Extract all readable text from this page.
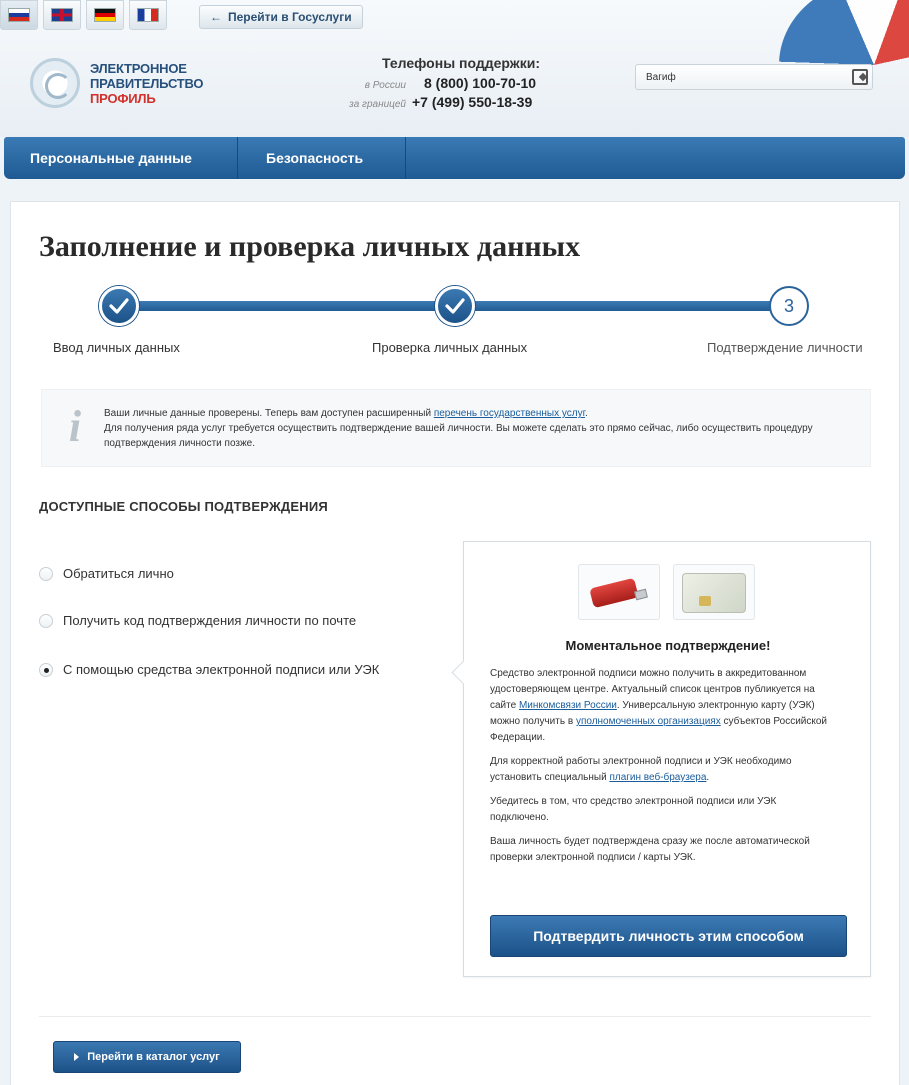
← Перейти в Госуслуги
ЭЛЕКТРОННОЕ
ПРАВИТЕЛЬСТВО
ПРОФИЛЬ
Телефоны поддержки:
в России	8 (800) 100-70-10
за границей +7 (499) 550-18-39
Вагиф
Персональные данные	Безопасность
Заполнение и проверка личных данных
3
Ввод личных данных	Проверка личных данных	Подтверждение личности
i	Ваши личные данные проверены. Теперь вам доступен расширенный перечень государственных услуг.
Для получения ряда услуг требуется осуществить подтверждение вашей личности. Вы можете сделать это прямо сейчас, либо осуществить процедуру подтверждения личности позже.
ДОСТУПНЫЕ СПОСОБЫ ПОДТВЕРЖДЕНИЯ
Обратиться лично
Получить код подтверждения личности по почте
С помощью средства электронной подписи или УЭК
Моментальное подтверждение!

Средство электронной подписи можно получить в аккредитованном удостоверяющем центре. Актуальный список центров публикуется на сайте Минкомсвязи России. Универсальную электронную карту (УЭК) можно получить в уполномоченных организациях субъектов Российской Федерации.

Для корректной работы электронной подписи и УЭК необходимо установить специальный плагин веб-браузера.

Убедитесь в том, что средство электронной подписи или УЭК подключено.

Ваша личность будет подтверждена сразу же после автоматической проверки электронной подписи / карты УЭК.

Подтвердить личность этим способом
Перейти в каталог услуг
